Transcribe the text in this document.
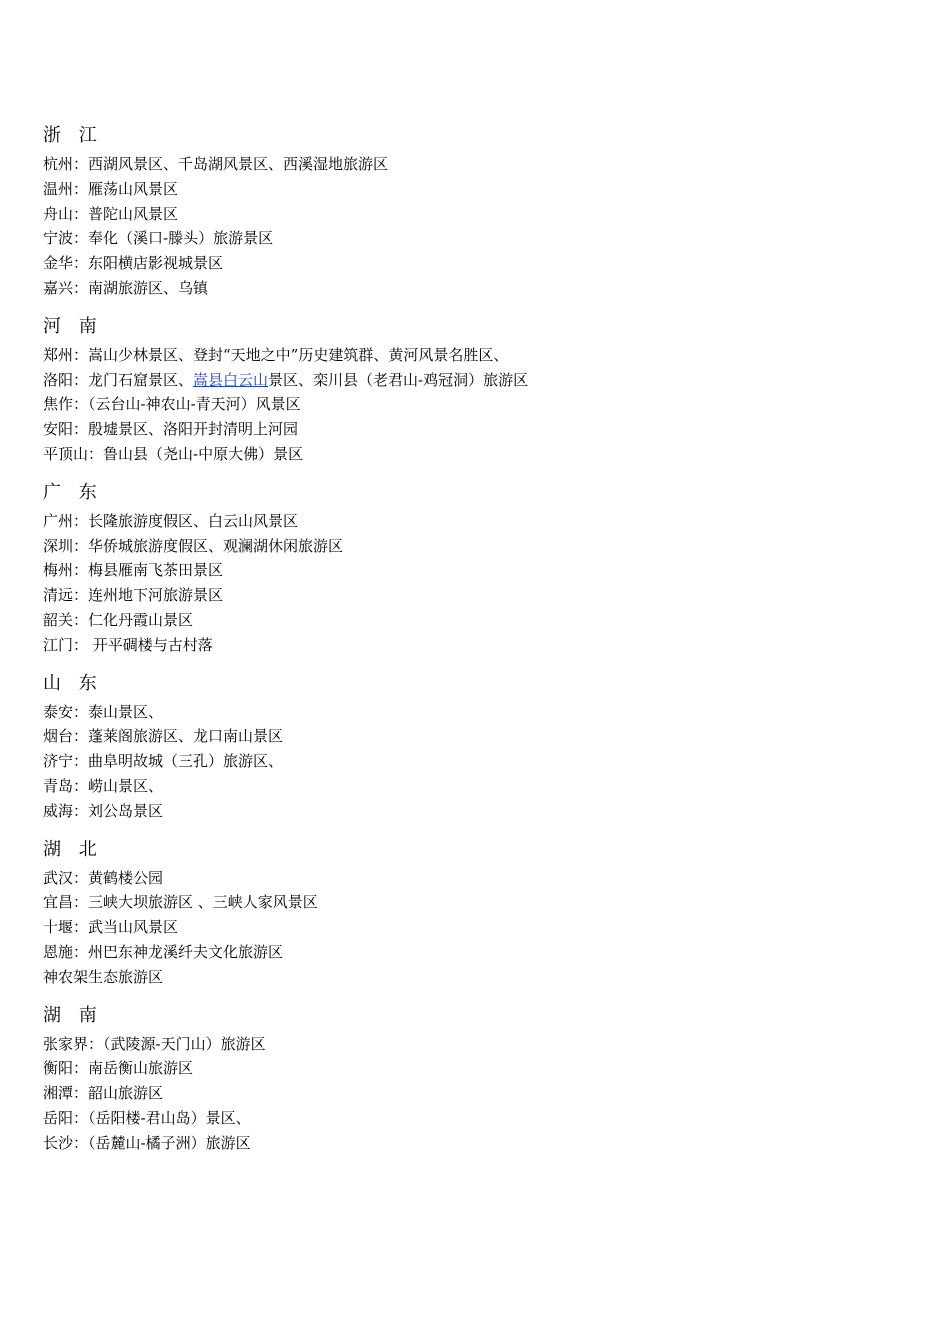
浙 江
杭州：西湖风景区、千岛湖风景区、西溪湿地旅游区
温州：雁荡山风景区
舟山：普陀山风景区
宁波：奉化（溪口-滕头）旅游景区
金华：东阳横店影视城景区
嘉兴：南湖旅游区、乌镇
河 南
郑州：嵩山少林景区、登封“天地之中”历史建筑群、黄河风景名胜区、
洛阳：龙门石窟景区、嵩县白云山景区、栾川县（老君山-鸡冠洞）旅游区
焦作：（云台山-神农山-青天河）风景区
安阳：殷墟景区、洛阳开封清明上河园
平顶山：鲁山县（尧山-中原大佛）景区
广 东
广州：长隆旅游度假区、白云山风景区
深圳：华侨城旅游度假区、观澜湖休闲旅游区
梅州：梅县雁南飞茶田景区
清远：连州地下河旅游景区
韶关：仁化丹霞山景区
江门： 开平碉楼与古村落
山 东
泰安：泰山景区、
烟台：蓬莱阁旅游区、龙口南山景区
济宁：曲阜明故城（三孔）旅游区、
青岛：崂山景区、
威海：刘公岛景区
湖 北
武汉：黄鹤楼公园
宜昌：三峡大坝旅游区 、三峡人家风景区
十堰：武当山风景区
恩施：州巴东神龙溪纤夫文化旅游区
神农架生态旅游区
湖 南
张家界：（武陵源-天门山）旅游区
衡阳：南岳衡山旅游区
湘潭：韶山旅游区
岳阳：（岳阳楼-君山岛）景区、
长沙：（岳麓山-橘子洲）旅游区
